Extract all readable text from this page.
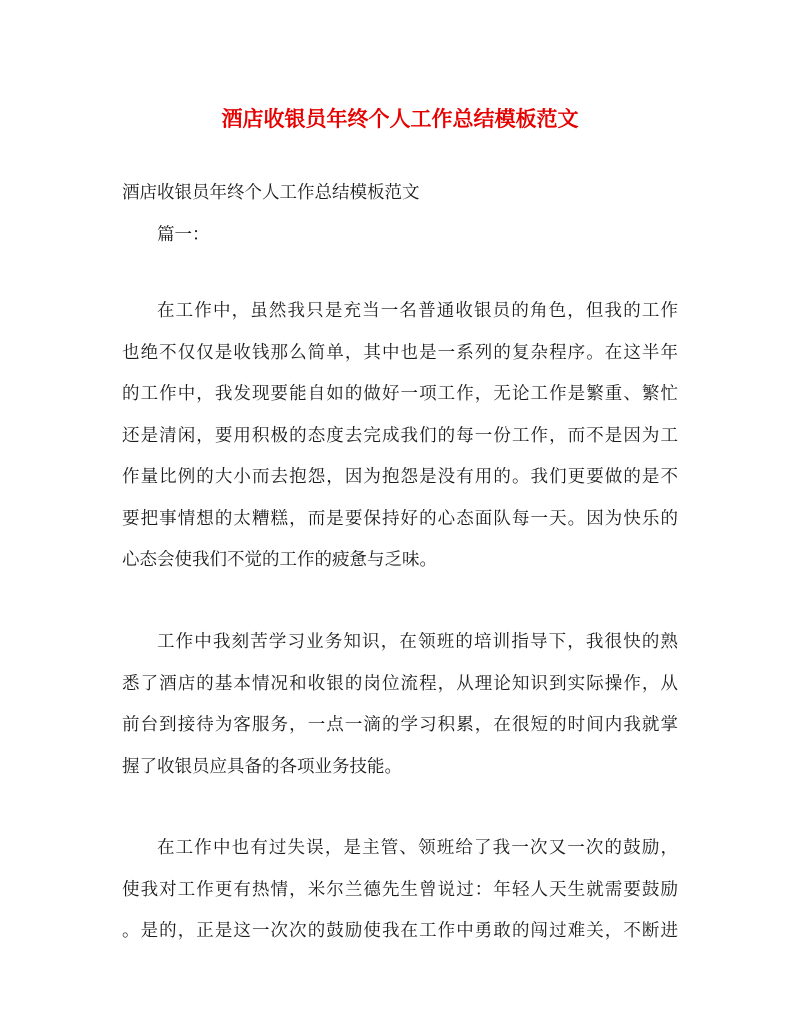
酒店收银员年终个人工作总结模板范文

酒店收银员年终个人工作总结模板范文

篇一：

在工作中，虽然我只是充当一名普通收银员的角色，但我的工作
也绝不仅仅是收钱那么简单，其中也是一系列的复杂程序。在这半年
的工作中，我发现要能自如的做好一项工作，无论工作是繁重、繁忙
还是清闲，要用积极的态度去完成我们的每一份工作，而不是因为工
作量比例的大小而去抱怨，因为抱怨是没有用的。我们更要做的是不
要把事情想的太糟糕，而是要保持好的心态面队每一天。因为快乐的
心态会使我们不觉的工作的疲惫与乏味。
工作中我刻苦学习业务知识，在领班的培训指导下，我很快的熟
悉了酒店的基本情况和收银的岗位流程，从理论知识到实际操作，从
前台到接待为客服务，一点一滴的学习积累，在很短的时间内我就掌
握了收银员应具备的各项业务技能。
在工作中也有过失误，是主管、领班给了我一次又一次的鼓励，
使我对工作更有热情，米尔兰德先生曾说过：年轻人天生就需要鼓励
。是的，正是这一次次的鼓励使我在工作中勇敢的闯过难关，不断进
